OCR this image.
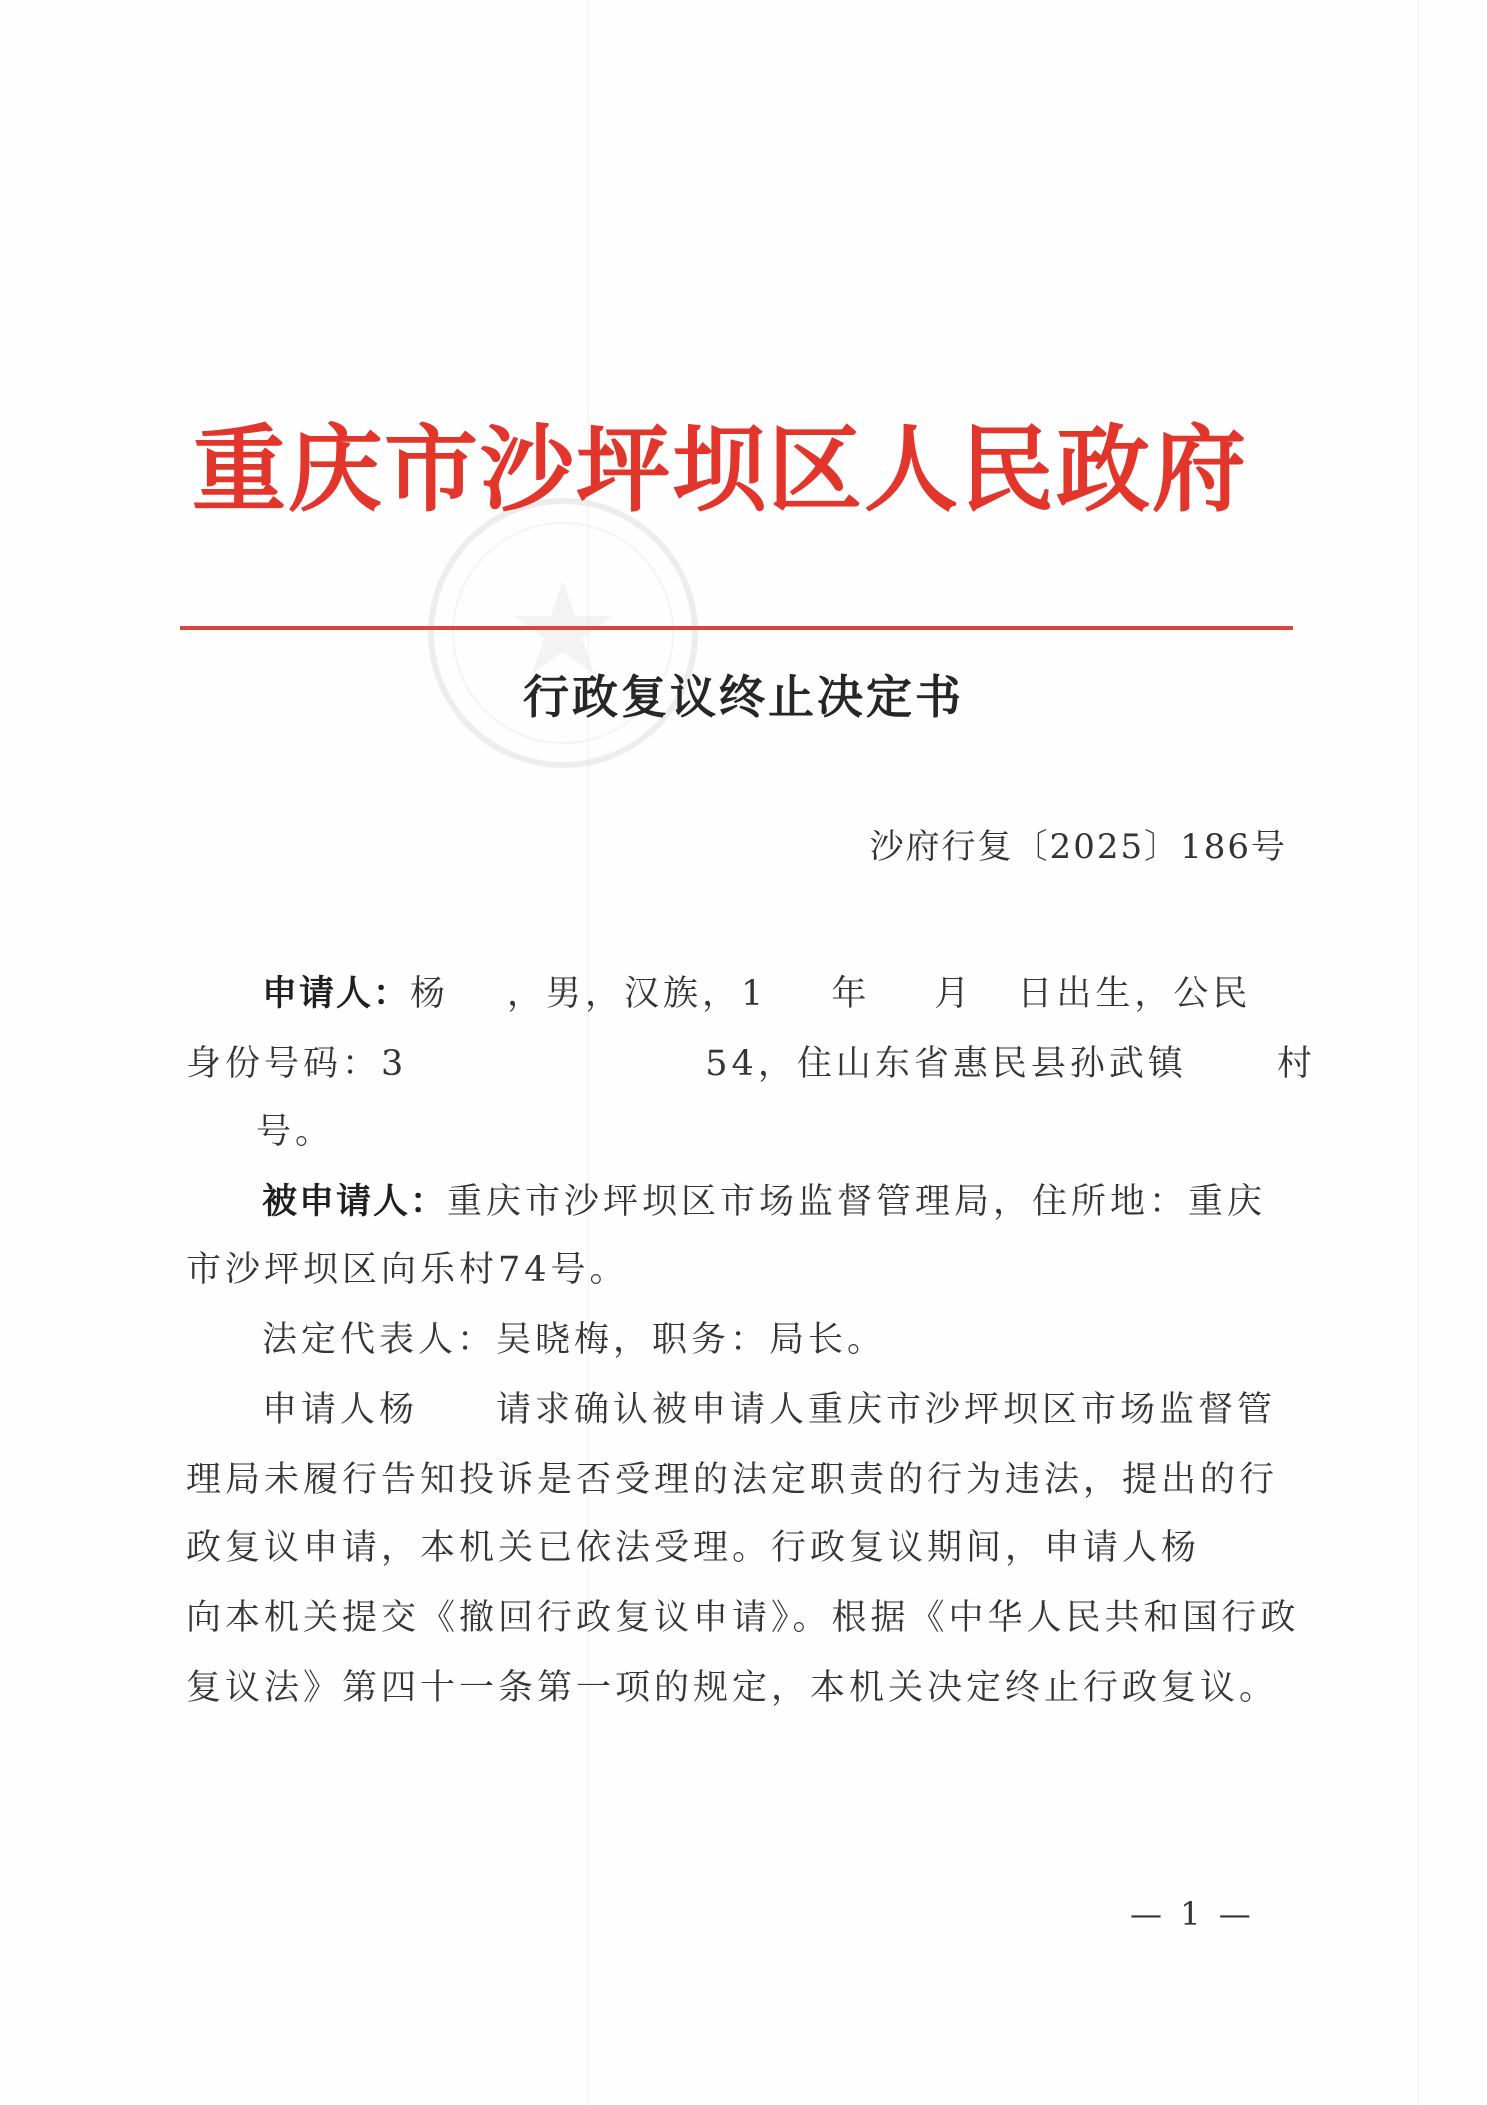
重庆市沙坪坝区人民政府
行政复议终止决定书
沙府行复〔2025〕186号
申请人：杨 ，男，汉族，1 年 月 日出生，公民
身份号码：3	54，住山东省惠民县孙武镇	村
号。
被申请人：重庆市沙坪坝区市场监督管理局，住所地：重庆
市沙坪坝区向乐村74号。
法定代表人：吴晓梅，职务：局长。
申请人杨 请求确认被申请人重庆市沙坪坝区市场监督管
理局未履行告知投诉是否受理的法定职责的行为违法，提出的行
政复议申请，本机关已依法受理。行政复议期间，申请人杨
向本机关提交《撤回行政复议申请》。根据《中华人民共和国行政
复议法》第四十一条第一项的规定，本机关决定终止行政复议。
— 1 —
